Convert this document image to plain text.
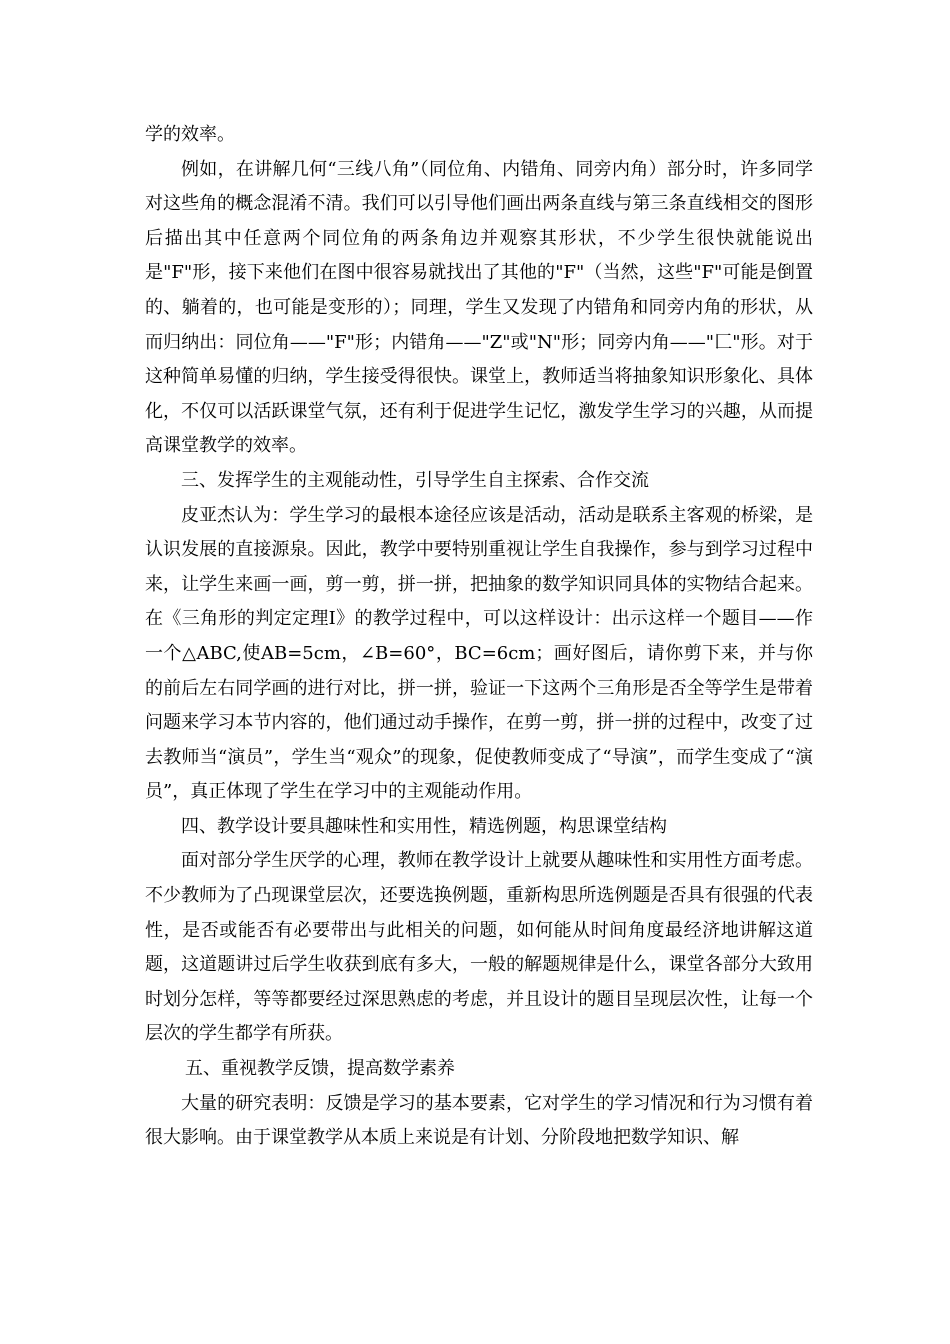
学的效率。

例如，在讲解几何“三线八角”（同位角、内错角、同旁内角）部分时，许多同学对这些角的概念混淆不清。我们可以引导他们画出两条直线与第三条直线相交的图形后描出其中任意两个同位角的两条角边并观察其形状，不少学生很快就能说出是"F"形，接下来他们在图中很容易就找出了其他的"F"（当然，这些"F"可能是倒置的、躺着的，也可能是变形的）；同理，学生又发现了内错角和同旁内角的形状，从而归纳出：同位角——"F"形；内错角——"Z"或"N"形；同旁内角——"匚"形。对于这种简单易懂的归纳，学生接受得很快。课堂上，教师适当将抽象知识形象化、具体化，不仅可以活跃课堂气氛，还有利于促进学生记忆，激发学生学习的兴趣，从而提高课堂教学的效率。

三、发挥学生的主观能动性，引导学生自主探索、合作交流

皮亚杰认为：学生学习的最根本途径应该是活动，活动是联系主客观的桥梁，是认识发展的直接源泉。因此，教学中要特别重视让学生自我操作，参与到学习过程中来，让学生来画一画，剪一剪，拼一拼，把抽象的数学知识同具体的实物结合起来。在《三角形的判定定理Ⅰ》的教学过程中，可以这样设计：出示这样一个题目——作一个△ABC,使AB=5cm，∠B=60°，BC=6cm；画好图后，请你剪下来，并与你的前后左右同学画的进行对比，拼一拼，验证一下这两个三角形是否全等学生是带着问题来学习本节内容的，他们通过动手操作，在剪一剪，拼一拼的过程中，改变了过去教师当“演员”，学生当“观众”的现象，促使教师变成了“导演”，而学生变成了“演员”，真正体现了学生在学习中的主观能动作用。

四、教学设计要具趣味性和实用性，精选例题，构思课堂结构

面对部分学生厌学的心理，教师在教学设计上就要从趣味性和实用性方面考虑。不少教师为了凸现课堂层次，还要选换例题，重新构思所选例题是否具有很强的代表性，是否或能否有必要带出与此相关的问题，如何能从时间角度最经济地讲解这道题，这道题讲过后学生收获到底有多大，一般的解题规律是什么，课堂各部分大致用时划分怎样，等等都要经过深思熟虑的考虑，并且设计的题目呈现层次性，让每一个层次的学生都学有所获。

五、重视教学反馈，提高数学素养

大量的研究表明：反馈是学习的基本要素，它对学生的学习情况和行为习惯有着很大影响。由于课堂教学从本质上来说是有计划、分阶段地把数学知识、解
